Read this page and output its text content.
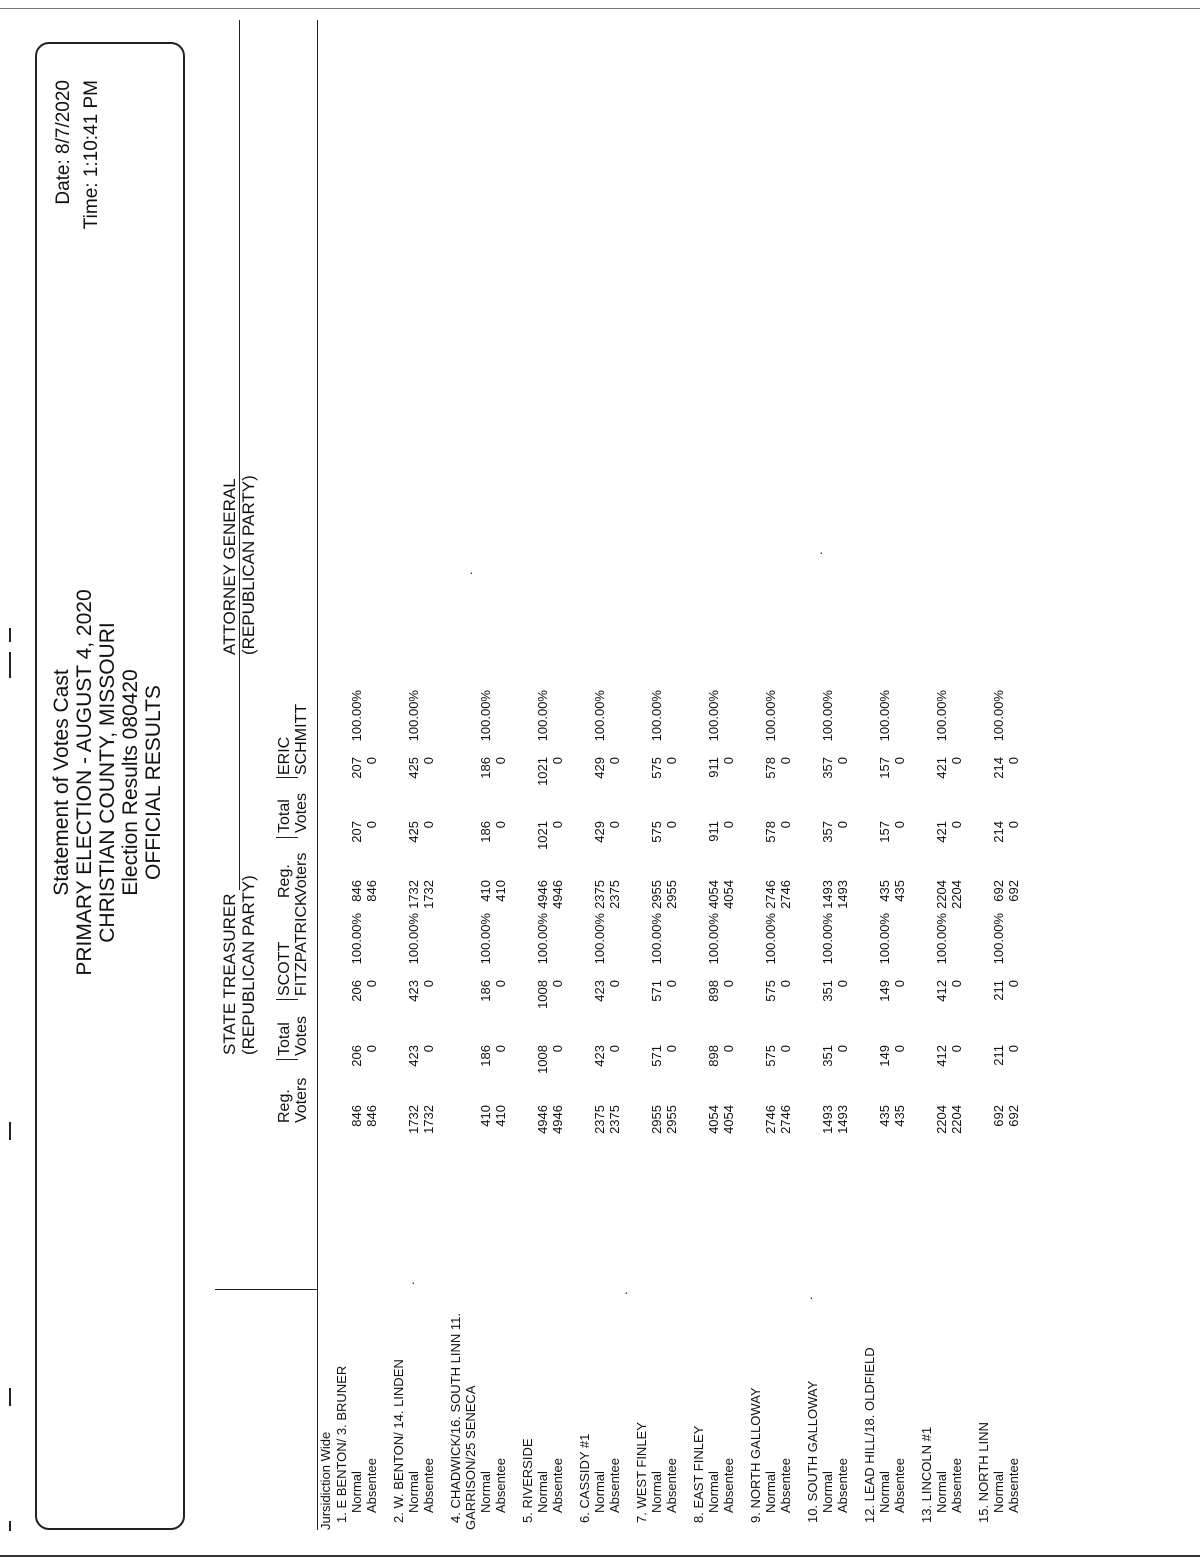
Statement of Votes Cast PRIMARY ELECTION - AUGUST 4, 2020 CHRISTIAN COUNTY, MISSOURI Election Results 080420 OFFICIAL RESULTS
Date: 8/7/2020 Time: 1:10:41 PM
STATE TREASURER (REPUBLICAN PARTY)
ATTORNEY GENERAL (REPUBLICAN PARTY)
Reg. Voters
Total Votes
SCOTT FITZPATRICK
Reg. Voters
Total Votes
ERIC SCHMITT
Jursidiction Wide 1. E BENTON/ 3. BRUNER Normal
846
206
206
100.00%
846
207
207
100.00%
Absentee
846
0
0
846
0
0
2. W. BENTON/ 14. LINDEN Normal
1732
423
423
100.00%
1732
425
425
100.00%
Absentee
1732
0
0
1732
0
0
4. CHADWICK/16. SOUTH LINN 11. GARRISON/25 SENECA Normal
410
186
186
100.00%
410
186
186
100.00%
Absentee
410
0
0
410
0
0
5. RIVERSIDE Normal
4946
1008
1008
100.00%
4946
1021
1021
100.00%
Absentee
4946
0
0
4946
0
0
6. CASSIDY #1 Normal
2375
423
423
100.00%
2375
429
429
100.00%
Absentee
2375
0
0
2375
0
0
7. WEST FINLEY Normal
2955
571
571
100.00%
2955
575
575
100.00%
Absentee
2955
0
0
2955
0
0
8. EAST FINLEY Normal
4054
898
898
100.00%
4054
911
911
100.00%
Absentee
4054
0
0
4054
0
0
9. NORTH GALLOWAY Normal
2746
575
575
100.00%
2746
578
578
100.00%
Absentee
2746
0
0
2746
0
0
10. SOUTH GALLOWAY Normal
1493
351
351
100.00%
1493
357
357
100.00%
Absentee
1493
0
0
1493
0
0
12. LEAD HILL/18. OLDFIELD Normal
435
149
149
100.00%
435
157
157
100.00%
Absentee
435
0
0
435
0
0
13. LINCOLN #1 Normal
2204
412
412
100.00%
2204
421
421
100.00%
Absentee
2204
0
0
2204
0
0
15. NORTH LINN Normal
692
211
211
100.00%
692
214
214
100.00%
Absentee
692
0
0
692
0
0
.
.
.
.
.
